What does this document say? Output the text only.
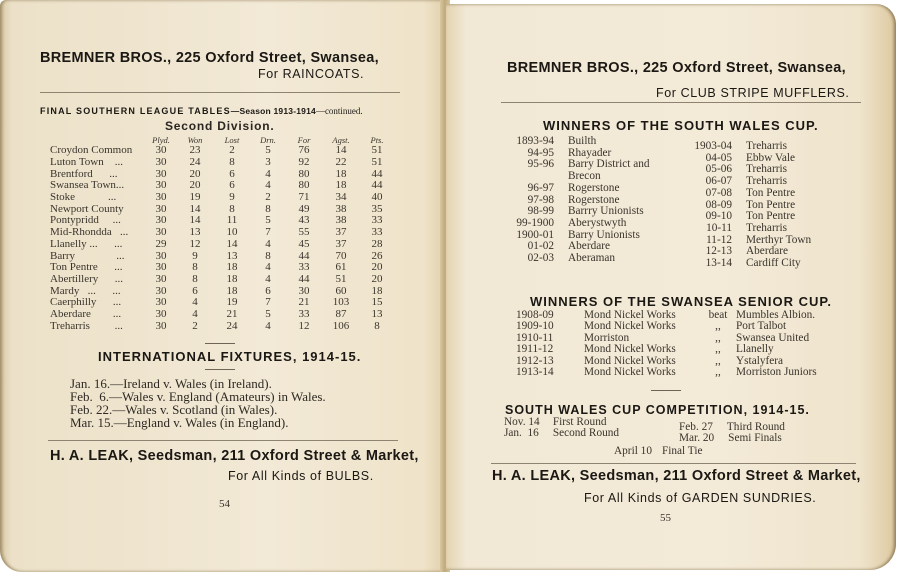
BREMNER BROS., 225 Oxford Street, Swansea,
For RAINCOATS.
FINAL SOUTHERN LEAGUE TABLES—Season 1913-1914—continued.
Second Division.
	Plyd.	Won	Lost	Drn.	For	Agst.	Pts.
Croydon Common	30	23	2	5	76	14	51
Luton Town    ...	30	24	8	3	92	22	51
Brentford      ...	30	20	6	4	80	18	44
Swansea Town...	30	20	6	4	80	18	44
Stoke            ...	30	19	9	2	71	34	40
Newport County	30	14	8	8	49	38	35
Pontypridd     ...	30	14	11	5	43	38	33
Mid-Rhondda   ...	30	13	10	7	55	37	33
Llanelly ...      ...	29	12	14	4	45	37	28
Barry               ...	30	9	13	8	44	70	26
Ton Pentre      ...	30	8	18	4	33	61	20
Abertillery      ...	30	8	18	4	44	51	20
Mardy   ...      ...	30	6	18	6	30	60	18
Caerphilly      ...	30	4	19	7	21	103	15
Aberdare        ...	30	4	21	5	33	87	13
Treharris         ...	30	2	24	4	12	106	8
INTERNATIONAL FIXTURES, 1914-15.
Jan. 16.—Ireland v. Wales (in Ireland).
Feb.  6.—Wales v. England (Amateurs) in Wales.
Feb. 22.—Wales v. Scotland (in Wales).
Mar. 15.—England v. Wales (in England).
H. A. LEAK, Seedsman, 211 Oxford Street & Market,
For All Kinds of BULBS.
54
BREMNER BROS., 225 Oxford Street, Swansea,
For CLUB STRIPE MUFFLERS.
WINNERS OF THE SOUTH WALES CUP.
1893-94 Builth
94-95 Rhayader
95-96 Barry District and
Brecon
96-97 Rogerstone
97-98 Rogerstone
98-99 Barrry Unionists
99-1900 Aberystwyth
1900-01 Barry Unionists
01-02 Aberdare
02-03 Aberaman
1903-04 Treharris
04-05 Ebbw Vale
05-06 Treharris
06-07 Treharris
07-08 Ton Pentre
08-09 Ton Pentre
09-10 Ton Pentre
10-11 Treharris
11-12 Merthyr Town
12-13 Aberdare
13-14 Cardiff City
WINNERS OF THE SWANSEA SENIOR CUP.
1908-09	Mond Nickel Works	beat Mumbles Albion.
1909-10	Mond Nickel Works	,, Port Talbot
1910-11	Morriston	,, Swansea United
1911-12	Mond Nickel Works	,, Llanelly
1912-13	Mond Nickel Works	,, Ystalyfera
1913-14	Mond Nickel Works	,, Morriston Juniors
SOUTH WALES CUP COMPETITION, 1914-15.
Nov. 14 First Round
Jan.  16 Second Round	Feb. 27 Third Round
Mar. 20 Semi Finals
April 10 Final Tie
H. A. LEAK, Seedsman, 211 Oxford Street & Market,
For All Kinds of GARDEN SUNDRIES.
55
